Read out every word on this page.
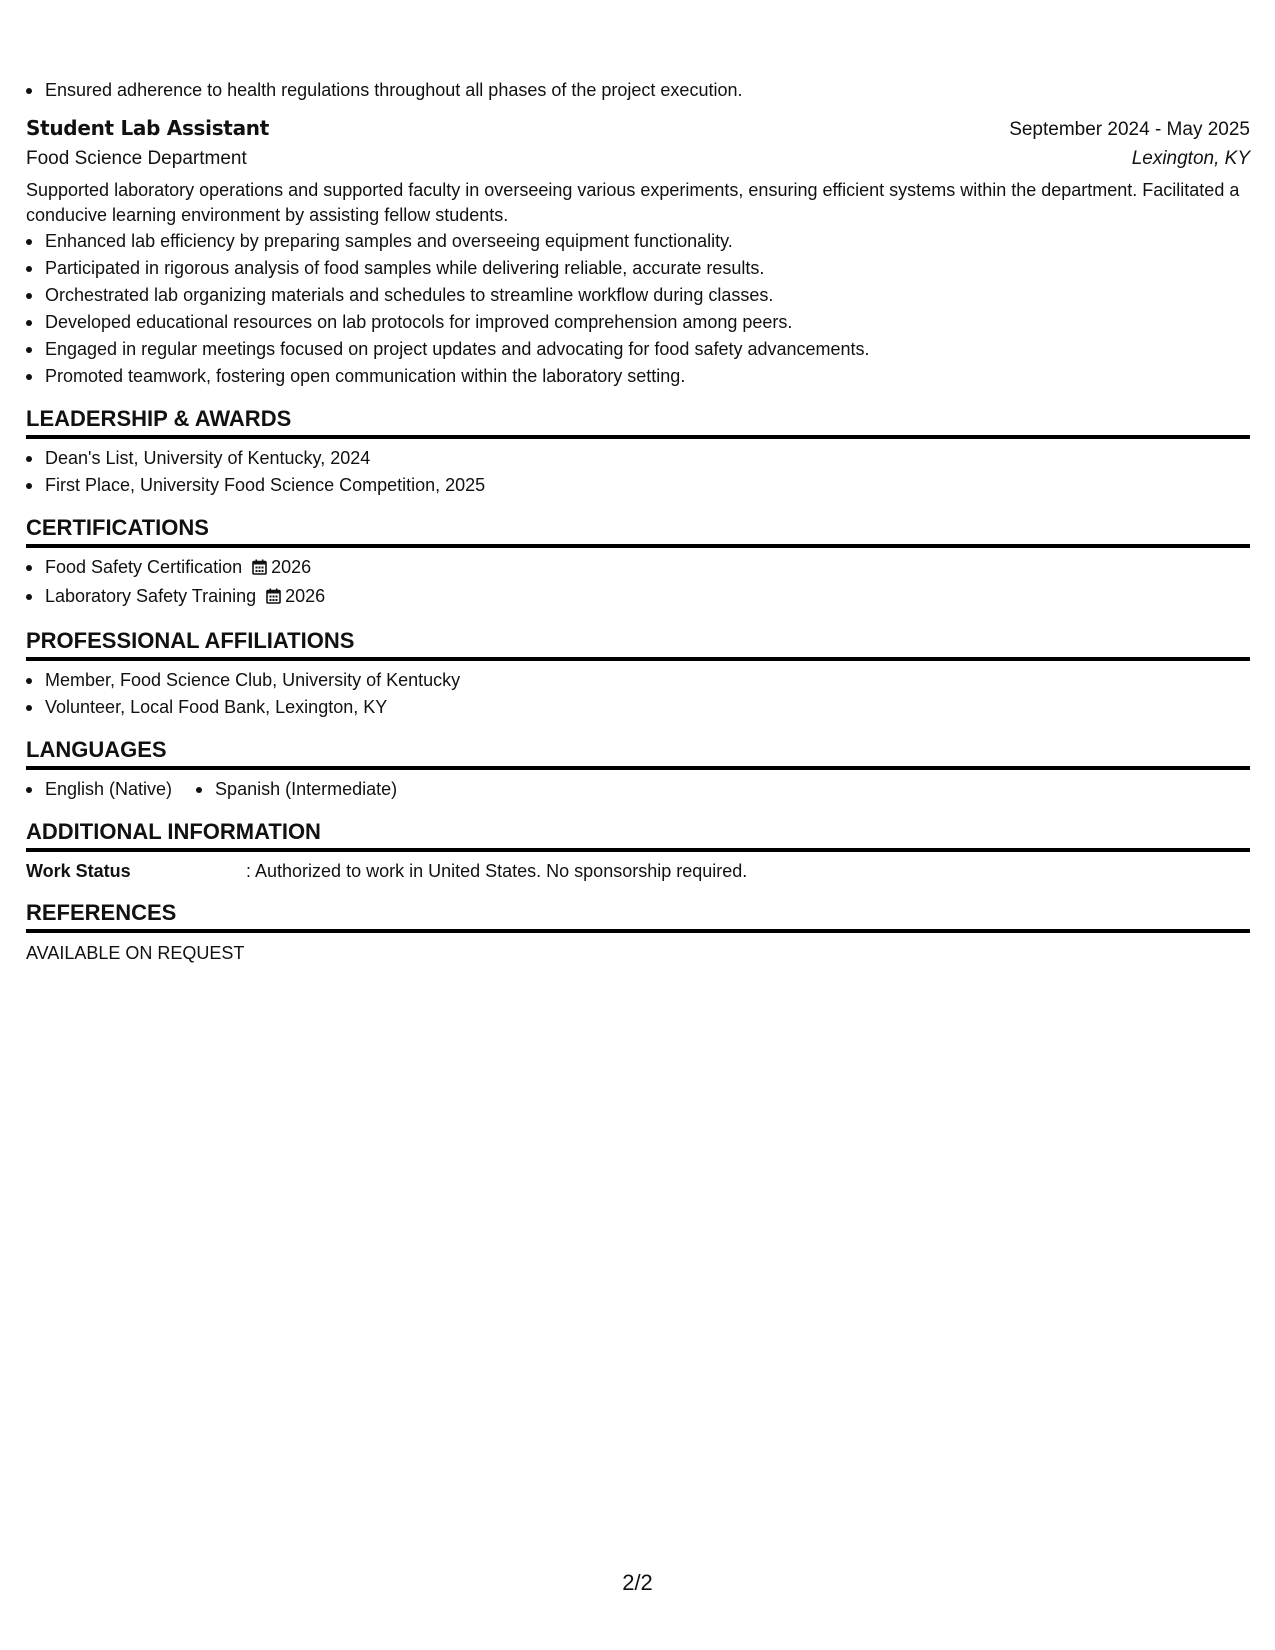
Ensured adherence to health regulations throughout all phases of the project execution.
Student Lab Assistant	September 2024 - May 2025
Food Science Department	Lexington, KY
Supported laboratory operations and supported faculty in overseeing various experiments, ensuring efficient systems within the department. Facilitated a conducive learning environment by assisting fellow students.
Enhanced lab efficiency by preparing samples and overseeing equipment functionality.
Participated in rigorous analysis of food samples while delivering reliable, accurate results.
Orchestrated lab organizing materials and schedules to streamline workflow during classes.
Developed educational resources on lab protocols for improved comprehension among peers.
Engaged in regular meetings focused on project updates and advocating for food safety advancements.
Promoted teamwork, fostering open communication within the laboratory setting.
LEADERSHIP & AWARDS
Dean's List, University of Kentucky, 2024
First Place, University Food Science Competition, 2025
CERTIFICATIONS
Food Safety Certification 2026
Laboratory Safety Training 2026
PROFESSIONAL AFFILIATIONS
Member, Food Science Club, University of Kentucky
Volunteer, Local Food Bank, Lexington, KY
LANGUAGES
English (Native)	Spanish (Intermediate)
ADDITIONAL INFORMATION
Work Status	: Authorized to work in United States. No sponsorship required.
REFERENCES
AVAILABLE ON REQUEST
2/2
